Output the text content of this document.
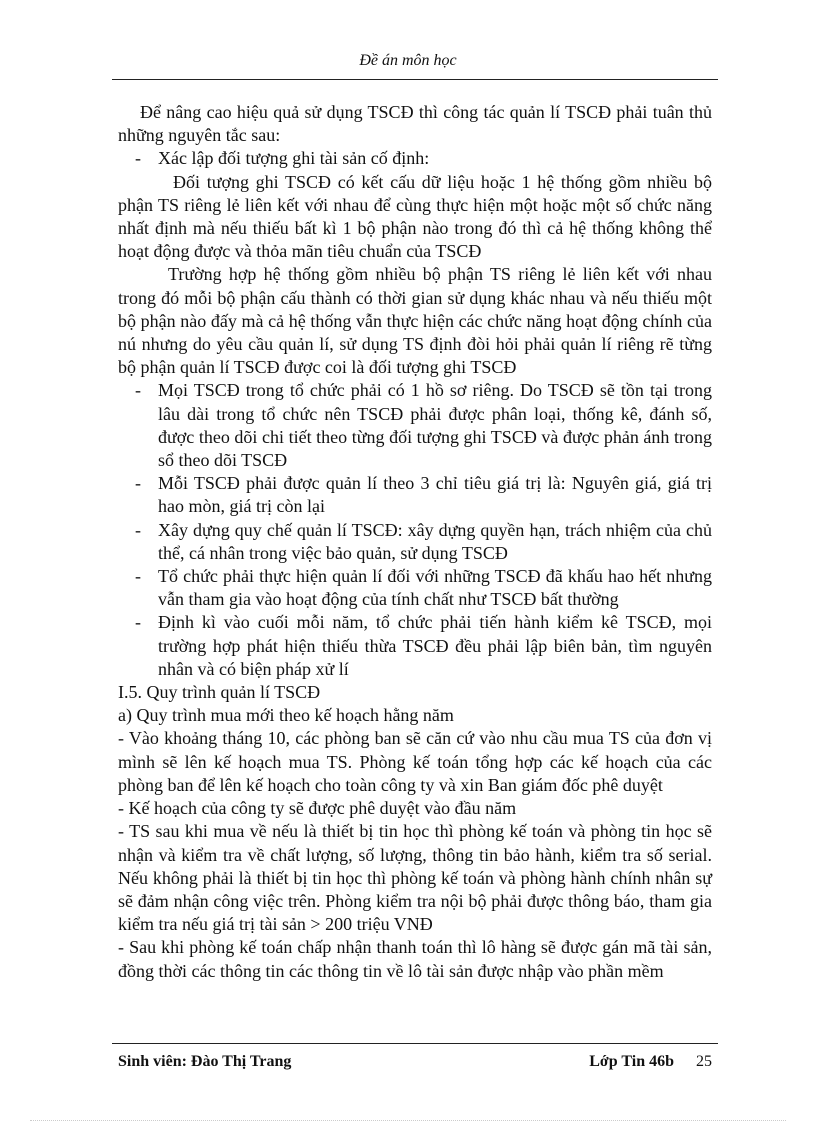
Đề án môn học

Để nâng cao hiệu quả sử dụng TSCĐ thì công tác quản lí TSCĐ phải tuân thủ những nguyên tắc sau:

- Xác lập đối tượng ghi tài sản cố định:

Đối tượng ghi TSCĐ có kết cấu dữ liệu hoặc 1 hệ thống gồm nhiều bộ phận TS riêng lẻ liên kết với nhau để cùng thực hiện một hoặc một số chức năng nhất định mà nếu thiếu bất kì 1 bộ phận nào trong đó thì cả hệ thống không thể hoạt động được và thỏa mãn tiêu chuẩn của TSCĐ

Trường hợp hệ thống gồm nhiều bộ phận TS riêng lẻ liên kết với nhau trong đó mỗi bộ phận cấu thành có thời gian sử dụng khác nhau và nếu thiếu một bộ phận nào đấy mà cả hệ thống vẫn thực hiện các chức năng hoạt động chính của nú nhưng do yêu cầu quản lí, sử dụng TS định đòi hỏi phải quản lí riêng rẽ từng bộ phận quản lí TSCĐ được coi là đối tượng ghi TSCĐ

- Mọi TSCĐ trong tổ chức phải có 1 hồ sơ riêng. Do TSCĐ sẽ tồn tại trong lâu dài trong tổ chức nên TSCĐ phải được phân loại, thống kê, đánh số, được theo dõi chi tiết theo từng đối tượng ghi TSCĐ và được phản ánh trong sổ theo dõi TSCĐ

- Mỗi TSCĐ phải được quản lí theo 3 chỉ tiêu giá trị là: Nguyên giá, giá trị hao mòn, giá trị còn lại

- Xây dựng quy chế quản lí TSCĐ: xây dựng quyền hạn, trách nhiệm của chủ thể, cá nhân trong việc bảo quản, sử dụng TSCĐ

- Tổ chức phải thực hiện quản lí đối với những TSCĐ đã khấu hao hết nhưng vẫn tham gia vào hoạt động của tính chất như TSCĐ bất thường

- Định kì vào cuối mỗi năm, tổ chức phải tiến hành kiểm kê TSCĐ, mọi trường hợp phát hiện thiếu thừa TSCĐ đều phải lập biên bản, tìm nguyên nhân và có biện pháp xử lí

I.5. Quy trình quản lí TSCĐ

a) Quy trình mua mới theo kế hoạch hằng năm

- Vào khoảng tháng 10, các phòng ban sẽ căn cứ vào nhu cầu mua TS của đơn vị mình sẽ lên kế hoạch mua TS. Phòng kế toán tổng hợp các kế hoạch của các phòng ban để lên kế hoạch cho toàn công ty và xin Ban giám đốc phê duyệt

- Kế hoạch của công ty sẽ được phê duyệt vào đầu năm

- TS sau khi mua về nếu là thiết bị tin học thì phòng kế toán và phòng tin học sẽ nhận và kiểm tra về chất lượng, số lượng, thông tin bảo hành, kiểm tra số serial. Nếu không phải là thiết bị tin học thì phòng kế toán và phòng hành chính nhân sự sẽ đảm nhận công việc trên. Phòng kiểm tra nội bộ phải được thông báo, tham gia kiểm tra nếu giá trị tài sản > 200 triệu VNĐ

- Sau khi phòng kế toán chấp nhận thanh toán thì lô hàng sẽ được gán mã tài sản, đồng thời các thông tin các thông tin về lô tài sản được nhập vào phần mềm

Sinh viên: Đào Thị Trang	Lớp Tin 46b 25
